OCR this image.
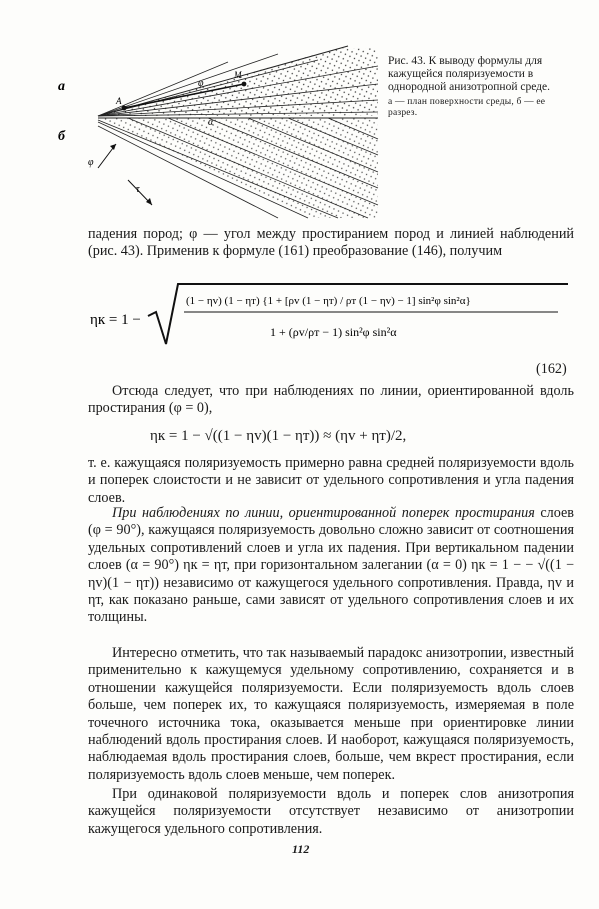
а
б
A
M
φ
α
φ
τ
Рис. 43. К выводу формулы для кажущейся поляризуемости в однородной анизотропной среде.
а — план поверхности среды, б — ее разрез.
падения пород; φ — угол между простиранием пород и линией наблюдений (рис. 43). Применив к формуле (161) преобразование (146), получим
ηк = 1 −
(1 − ηv) (1 − ηт) {1 + [ρv (1 − ηт) / ρт (1 − ηv) − 1] sin²φ sin²α}
1 + (ρv/ρт − 1) sin²φ sin²α
(162)
Отсюда следует, что при наблюдениях по линии, ориентированной вдоль простирания (φ = 0),
ηк = 1 − √((1 − ηv)(1 − ηт)) ≈ (ηv + ηт)/2,
т. е. кажущаяся поляризуемость примерно равна средней поляризуемости вдоль и поперек слоистости и не зависит от удельного сопротивления и угла падения слоев.
При наблюдениях по линии, ориентированной поперек простирания слоев (φ = 90°), кажущаяся поляризуемость довольно сложно зависит от соотношения удельных сопротивлений слоев и угла их падения. При вертикальном падении слоев (α = 90°) ηк = ηт, при горизонтальном залегании (α = 0) ηк = 1 − − √((1 − ηv)(1 − ηт)) независимо от кажущегося удельного сопротивления. Правда, ηv и ηт, как показано раньше, сами зависят от удельного сопротивления слоев и их толщины.
Интересно отметить, что так называемый парадокс анизотропии, известный применительно к кажущемуся удельному сопротивлению, сохраняется и в отношении кажущейся поляризуемости. Если поляризуемость вдоль слоев больше, чем поперек их, то кажущаяся поляризуемость, измеряемая в поле точечного источника тока, оказывается меньше при ориентировке линии наблюдений вдоль простирания слоев. И наоборот, кажущаяся поляризуемость, наблюдаемая вдоль простирания слоев, больше, чем вкрест простирания, если поляризуемость вдоль слоев меньше, чем поперек.
При одинаковой поляризуемости вдоль и поперек слов анизотропия кажущейся поляризуемости отсутствует независимо от анизотропии кажущегося удельного сопротивления.
112
